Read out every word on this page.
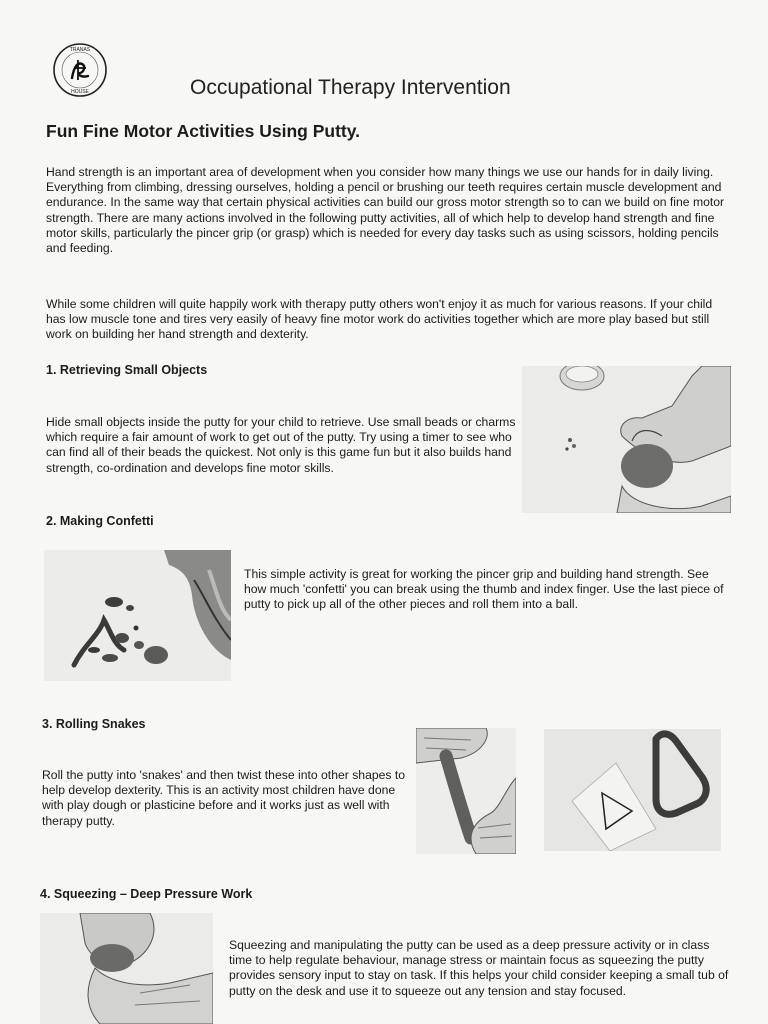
TRANAS
HOUSE	Occupational Therapy Intervention
Fun Fine Motor Activities Using Putty.

Hand strength is an important area of development when you consider how many things we use our hands for in daily living. Everything from climbing, dressing ourselves, holding a pencil or brushing our teeth requires certain muscle development and endurance. In the same way that certain physical activities can build our gross motor strength so to can we build on fine motor strength. There are many actions involved in the following putty activities, all of which help to develop hand strength and fine motor skills, particularly the pincer grip (or grasp) which is needed for every day tasks such as using scissors, holding pencils and feeding.

While some children will quite happily work with therapy putty others won't enjoy it as much for various reasons. If your child has low muscle tone and tires very easily of heavy fine motor work do activities together which are more play based but still work on building her hand strength and dexterity.

1. Retrieving Small Objects

Hide small objects inside the putty for your child to retrieve. Use small beads or charms which require a fair amount of work to get out of the putty. Try using a timer to see who can find all of their beads the quickest. Not only is this game fun but it also builds hand strength, co-ordination and develops fine motor skills.

2. Making Confetti

This simple activity is great for working the pincer grip and building hand strength. See how much 'confetti' you can break using the thumb and index finger. Use the last piece of putty to pick up all of the other pieces and roll them into a ball.

3. Rolling Snakes

Roll the putty into 'snakes' and then twist these into other shapes to help develop dexterity. This is an activity most children have done with play dough or plasticine before and it works just as well with therapy putty.

4. Squeezing – Deep Pressure Work

Squeezing and manipulating the putty can be used as a deep pressure activity or in class time to help regulate behaviour, manage stress or maintain focus as squeezing the putty provides sensory input to stay on task. If this helps your child consider keeping a small tub of putty on the desk and use it to squeeze out any tension and stay focused.
